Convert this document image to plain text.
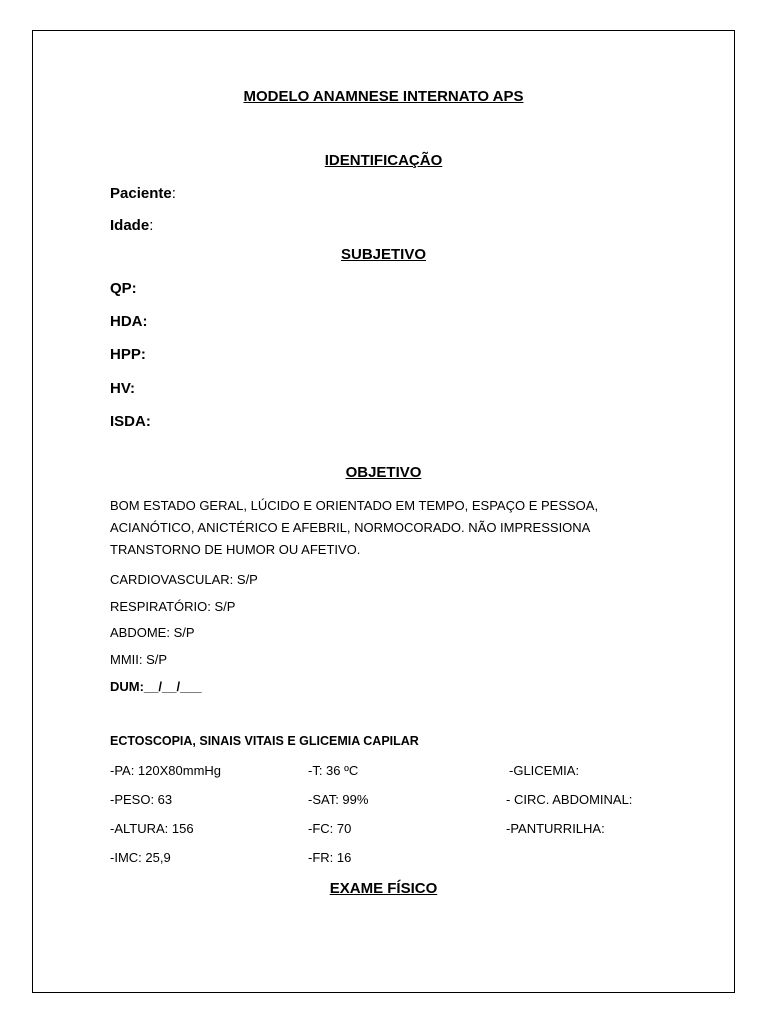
MODELO ANAMNESE INTERNATO APS
IDENTIFICAÇÃO
Paciente:
Idade:
SUBJETIVO
QP:
HDA:
HPP:
HV:
ISDA:
OBJETIVO
BOM ESTADO GERAL, LÚCIDO E ORIENTADO EM TEMPO, ESPAÇO E PESSOA,
ACIANÓTICO, ANICTÉRICO E AFEBRIL, NORMOCORADO. NÃO IMPRESSIONA
TRANSTORNO DE HUMOR OU AFETIVO.
CARDIOVASCULAR: S/P
RESPIRATÓRIO: S/P
ABDOME: S/P
MMII: S/P
DUM:__/__/___
ECTOSCOPIA, SINAIS VITAIS E GLICEMIA CAPILAR
-PA: 120X80mmHg	-T: 36 ºC	-GLICEMIA:
-PESO: 63	-SAT: 99%	- CIRC. ABDOMINAL:
-ALTURA: 156	-FC: 70	-PANTURRILHA:
-IMC: 25,9	-FR: 16
EXAME FÍSICO
